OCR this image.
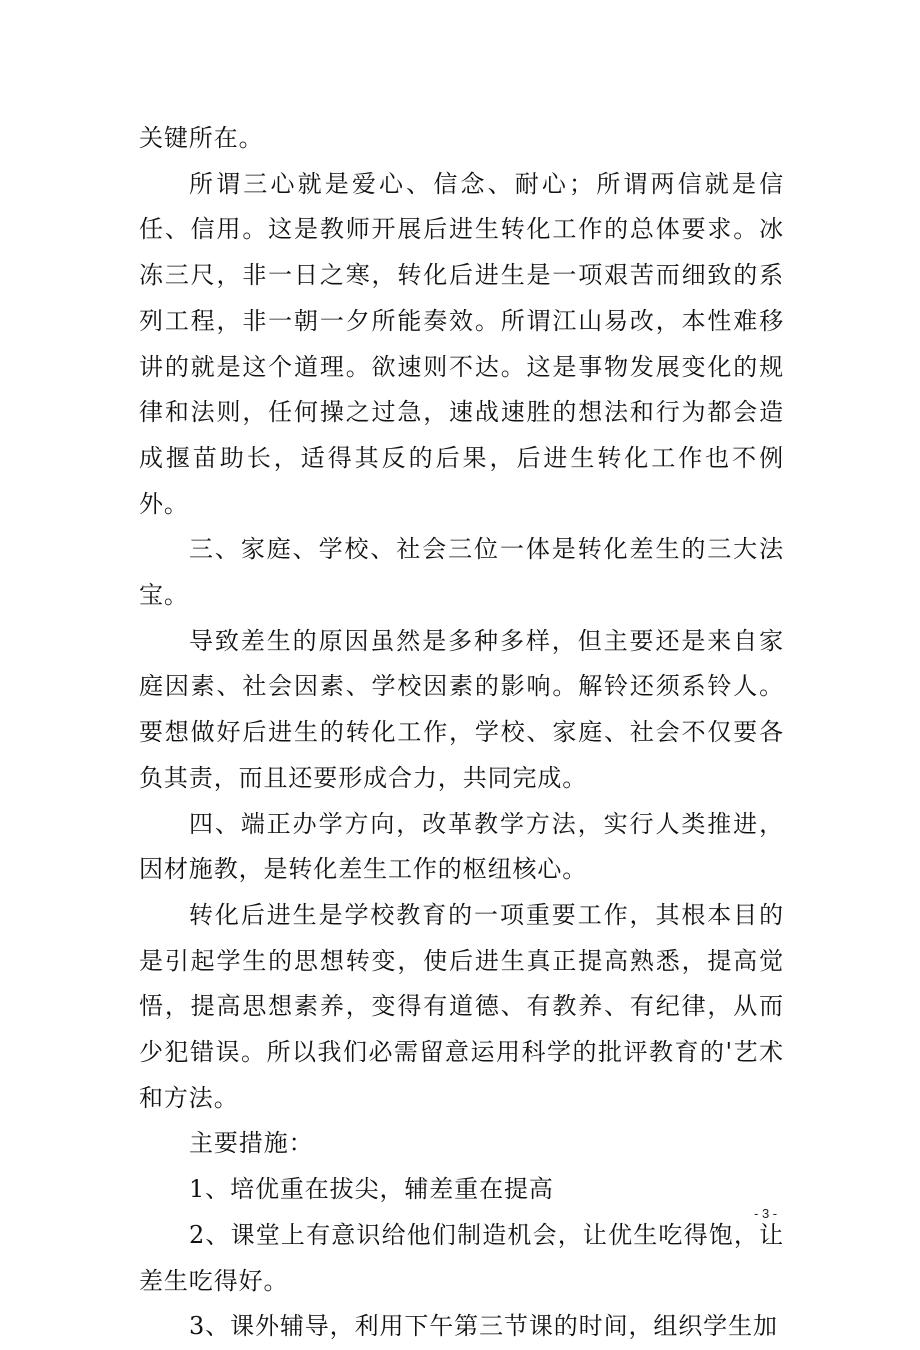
关键所在。

所谓三心就是爱心、信念、耐心；所谓两信就是信任、信用。这是教师开展后进生转化工作的总体要求。冰冻三尺，非一日之寒，转化后进生是一项艰苦而细致的系列工程，非一朝一夕所能奏效。所谓江山易改，本性难移讲的就是这个道理。欲速则不达。这是事物发展变化的规律和法则，任何操之过急，速战速胜的想法和行为都会造成揠苗助长，适得其反的后果，后进生转化工作也不例外。

三、家庭、学校、社会三位一体是转化差生的三大法宝。

导致差生的原因虽然是多种多样，但主要还是来自家庭因素、社会因素、学校因素的影响。解铃还须系铃人。要想做好后进生的转化工作，学校、家庭、社会不仅要各负其责，而且还要形成合力，共同完成。

四、端正办学方向，改革教学方法，实行人类推进，因材施教，是转化差生工作的枢纽核心。

转化后进生是学校教育的一项重要工作，其根本目的是引起学生的思想转变，使后进生真正提高熟悉，提高觉悟，提高思想素养，变得有道德、有教养、有纪律，从而少犯错误。所以我们必需留意运用科学的批评教育的'艺术和方法。

主要措施：

1、培优重在拔尖，辅差重在提高

2、课堂上有意识给他们制造机会，让优生吃得饱，让差生吃得好。

3、课外辅导，利用下午第三节课的时间，组织学生加

- 3 -
